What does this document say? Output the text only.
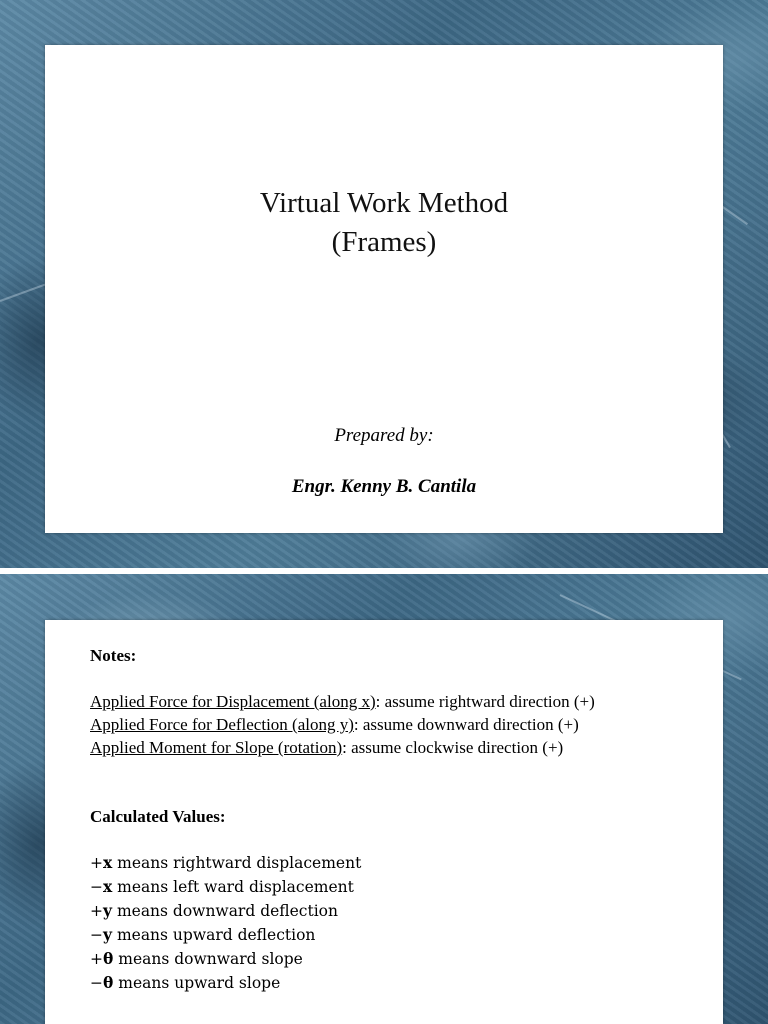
Virtual Work Method
(Frames)
Prepared by:
Engr. Kenny B. Cantila
Notes:
Applied Force for Displacement (along x): assume rightward direction (+)
Applied Force for Deflection (along y): assume downward direction (+)
Applied Moment for Slope (rotation): assume clockwise direction (+)
Calculated Values:
+x means rightward displacement
−x means left ward displacement
+y means downward deflection
−y means upward deflection
+θ means downward slope
−θ means upward slope
